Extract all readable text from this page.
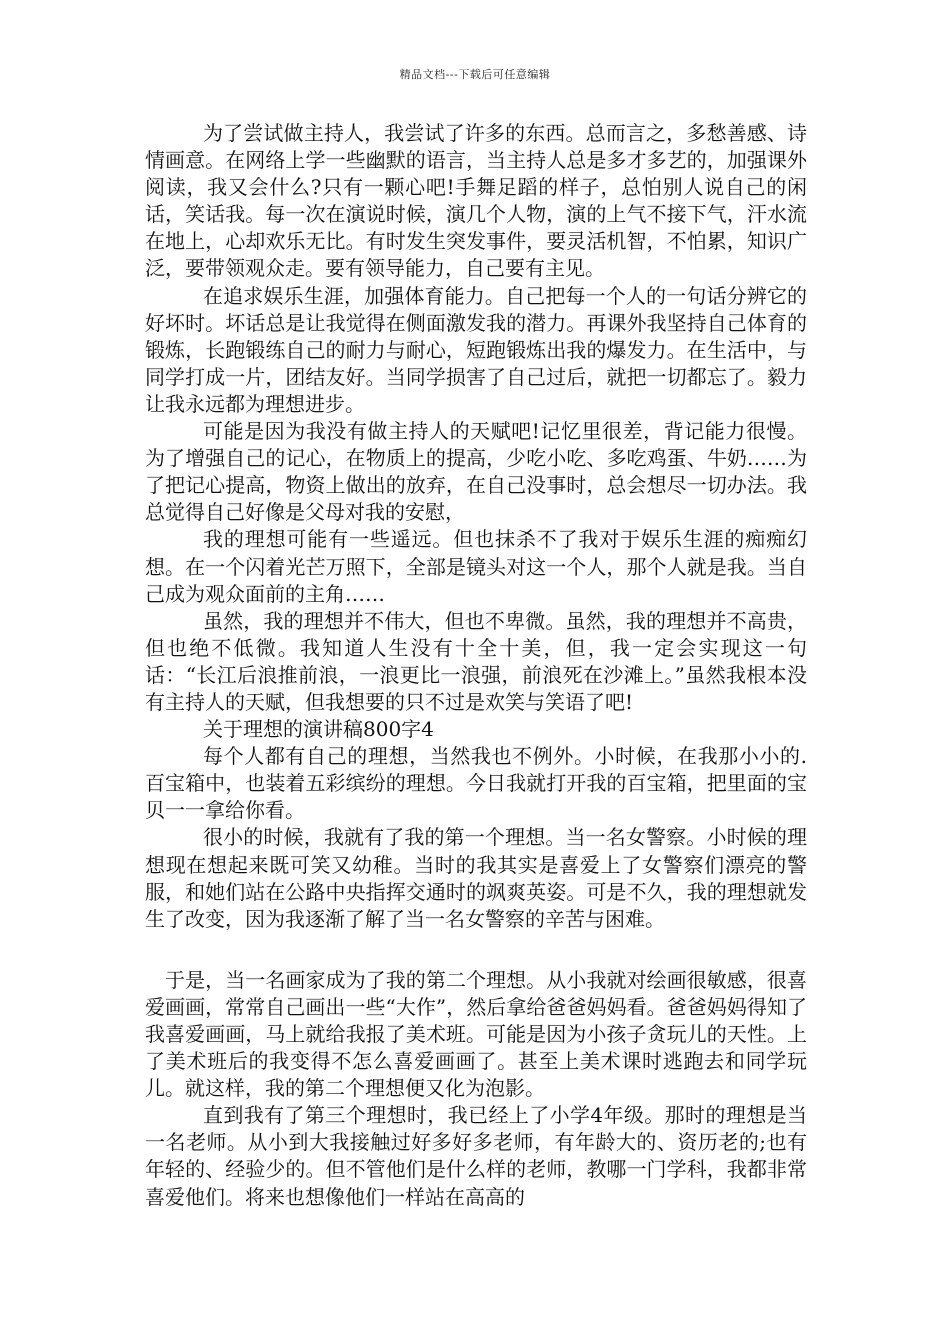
精品文档---下载后可任意编辑

为了尝试做主持人，我尝试了许多的东西。总而言之，多愁善感、诗情画意。在网络上学一些幽默的语言，当主持人总是多才多艺的，加强课外阅读，我又会什么?只有一颗心吧!手舞足蹈的样子，总怕别人说自己的闲话，笑话我。每一次在演说时候，演几个人物，演的上气不接下气，汗水流在地上，心却欢乐无比。有时发生突发事件，要灵活机智，不怕累，知识广泛，要带领观众走。要有领导能力，自己要有主见。

在追求娱乐生涯，加强体育能力。自己把每一个人的一句话分辨它的好坏时。坏话总是让我觉得在侧面激发我的潜力。再课外我坚持自己体育的锻炼，长跑锻练自己的耐力与耐心，短跑锻炼出我的爆发力。在生活中，与同学打成一片，团结友好。当同学损害了自己过后，就把一切都忘了。毅力让我永远都为理想进步。

可能是因为我没有做主持人的天赋吧!记忆里很差，背记能力很慢。为了增强自己的记心，在物质上的提高，少吃小吃、多吃鸡蛋、牛奶……为了把记心提高，物资上做出的放弃，在自己没事时，总会想尽一切办法。我总觉得自己好像是父母对我的安慰，

我的理想可能有一些遥远。但也抹杀不了我对于娱乐生涯的痴痴幻想。在一个闪着光芒万照下，全部是镜头对这一个人，那个人就是我。当自己成为观众面前的主角……

虽然，我的理想并不伟大，但也不卑微。虽然，我的理想并不高贵，但也绝不低微。我知道人生没有十全十美，但，我一定会实现这一句话：“长江后浪推前浪，一浪更比一浪强，前浪死在沙滩上。”虽然我根本没有主持人的天赋，但我想要的只不过是欢笑与笑语了吧!

关于理想的演讲稿800字4

每个人都有自己的理想，当然我也不例外。小时候，在我那小小的.百宝箱中，也装着五彩缤纷的理想。今日我就打开我的百宝箱，把里面的宝贝一一拿给你看。

很小的时候，我就有了我的第一个理想。当一名女警察。小时候的理想现在想起来既可笑又幼稚。当时的我其实是喜爱上了女警察们漂亮的警服，和她们站在公路中央指挥交通时的飒爽英姿。可是不久，我的理想就发生了改变，因为我逐渐了解了当一名女警察的辛苦与困难。

于是，当一名画家成为了我的第二个理想。从小我就对绘画很敏感，很喜爱画画，常常自己画出一些“大作”，然后拿给爸爸妈妈看。爸爸妈妈得知了我喜爱画画，马上就给我报了美术班。可能是因为小孩子贪玩儿的天性。上了美术班后的我变得不怎么喜爱画画了。甚至上美术课时逃跑去和同学玩儿。就这样，我的第二个理想便又化为泡影。

直到我有了第三个理想时，我已经上了小学4年级。那时的理想是当一名老师。从小到大我接触过好多好多老师，有年龄大的、资历老的;也有年轻的、经验少的。但不管他们是什么样的老师，教哪一门学科，我都非常喜爱他们。将来也想像他们一样站在高高的
